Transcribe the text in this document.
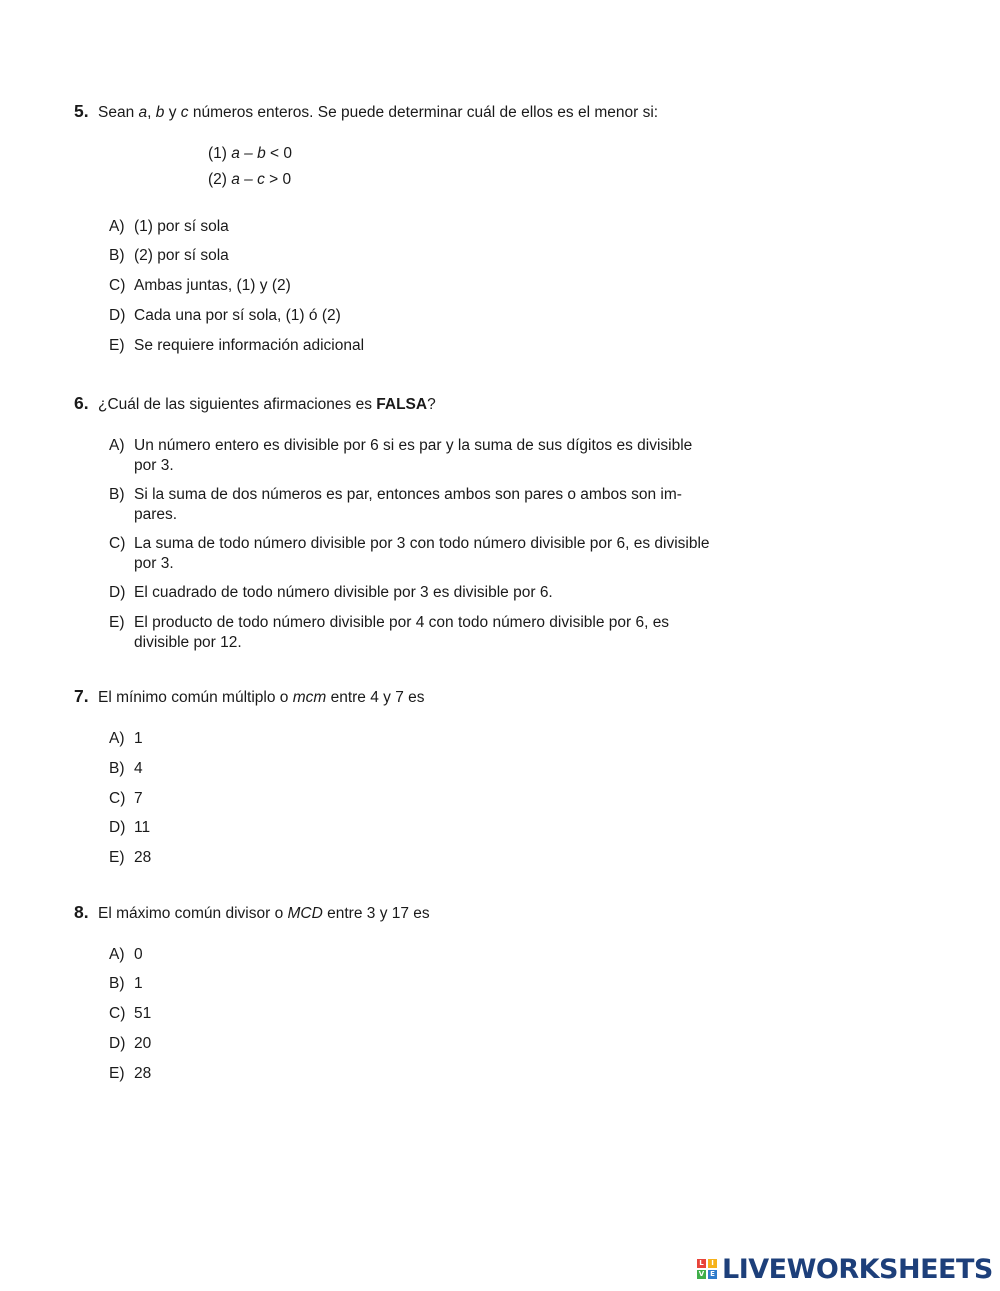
5. Sean a, b y c números enteros. Se puede determinar cuál de ellos es el menor si:
(1) a – b < 0
(2) a – c > 0
A) (1) por sí sola
B) (2) por sí sola
C) Ambas juntas, (1) y (2)
D) Cada una por sí sola, (1) ó (2)
E) Se requiere información adicional
6. ¿Cuál de las siguientes afirmaciones es FALSA?
A) Un número entero es divisible por 6 si es par y la suma de sus dígitos es divisible
por 3.
B) Si la suma de dos números es par, entonces ambos son pares o ambos son im-
pares.
C) La suma de todo número divisible por 3 con todo número divisible por 6, es divisible
por 3.
D) El cuadrado de todo número divisible por 3 es divisible por 6.
E) El producto de todo número divisible por 4 con todo número divisible por 6, es
divisible por 12.
7. El mínimo común múltiplo o mcm entre 4 y 7 es
A) 1
B) 4
C) 7
D) 11
E) 28
8. El máximo común divisor o MCD entre 3 y 17 es
A) 0
B) 1
C) 51
D) 20
E) 28
L	I
V E LIVEWORKSHEETS
